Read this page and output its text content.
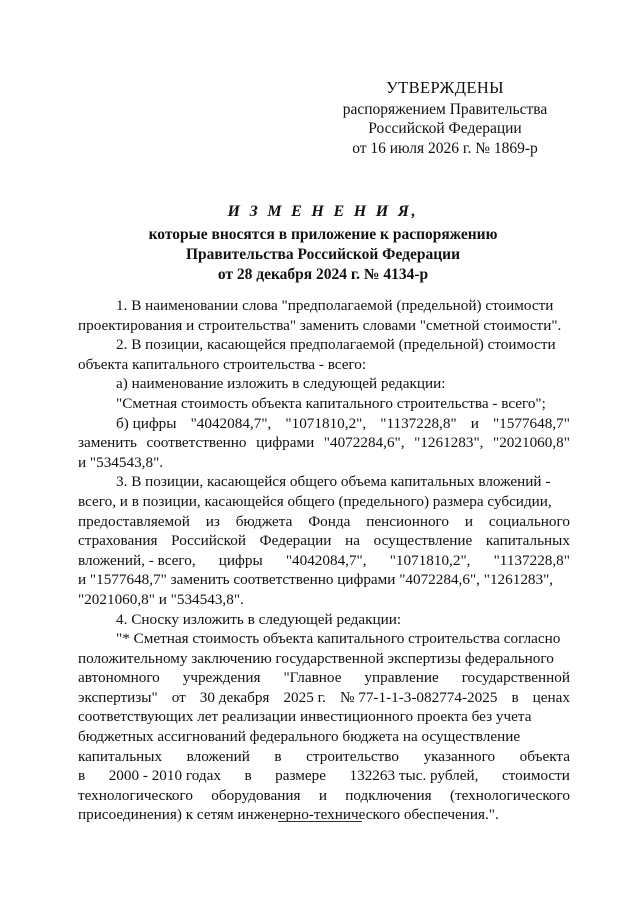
УТВЕРЖДЕНЫ
распоряжением Правительства
Российской Федерации
от 16 июля 2026 г. № 1869-р
И З М Е Н Е Н И Я,
которые вносятся в приложение к распоряжению
Правительства Российской Федерации
от 28 декабря 2024 г. № 4134-р
1. В наименовании слова "предполагаемой (предельной) стоимости
проектирования и строительства" заменить словами "сметной стоимости".
2. В позиции, касающейся предполагаемой (предельной) стоимости
объекта капитального строительства - всего:
а) наименование изложить в следующей редакции:
"Сметная стоимость объекта капитального строительства - всего";
б) цифры "4042084,7", "1071810,2", "1137228,8" и "1577648,7"
заменить соответственно цифрами "4072284,6", "1261283", "2021060,8"
и "534543,8".
3. В позиции, касающейся общего объема капитальных вложений -
всего, и в позиции, касающейся общего (предельного) размера субсидии,
предоставляемой из бюджета Фонда пенсионного и социального
страхования Российской Федерации на осуществление капитальных
вложений, - всего, цифры "4042084,7", "1071810,2", "1137228,8"
и "1577648,7" заменить соответственно цифрами "4072284,6", "1261283",
"2021060,8" и "534543,8".
4. Сноску изложить в следующей редакции:
"* Сметная стоимость объекта капитального строительства согласно
положительному заключению государственной экспертизы федерального
автономного учреждения "Главное управление государственной
экспертизы" от 30 декабря 2025 г. № 77-1-1-3-082774-2025 в ценах
соответствующих лет реализации инвестиционного проекта без учета
бюджетных ассигнований федерального бюджета на осуществление
капитальных вложений в строительство указанного объекта
в 2000 - 2010 годах в размере 132263 тыс. рублей, стоимости
технологического оборудования и подключения (технологического
присоединения) к сетям инженерно-технического обеспечения.".
